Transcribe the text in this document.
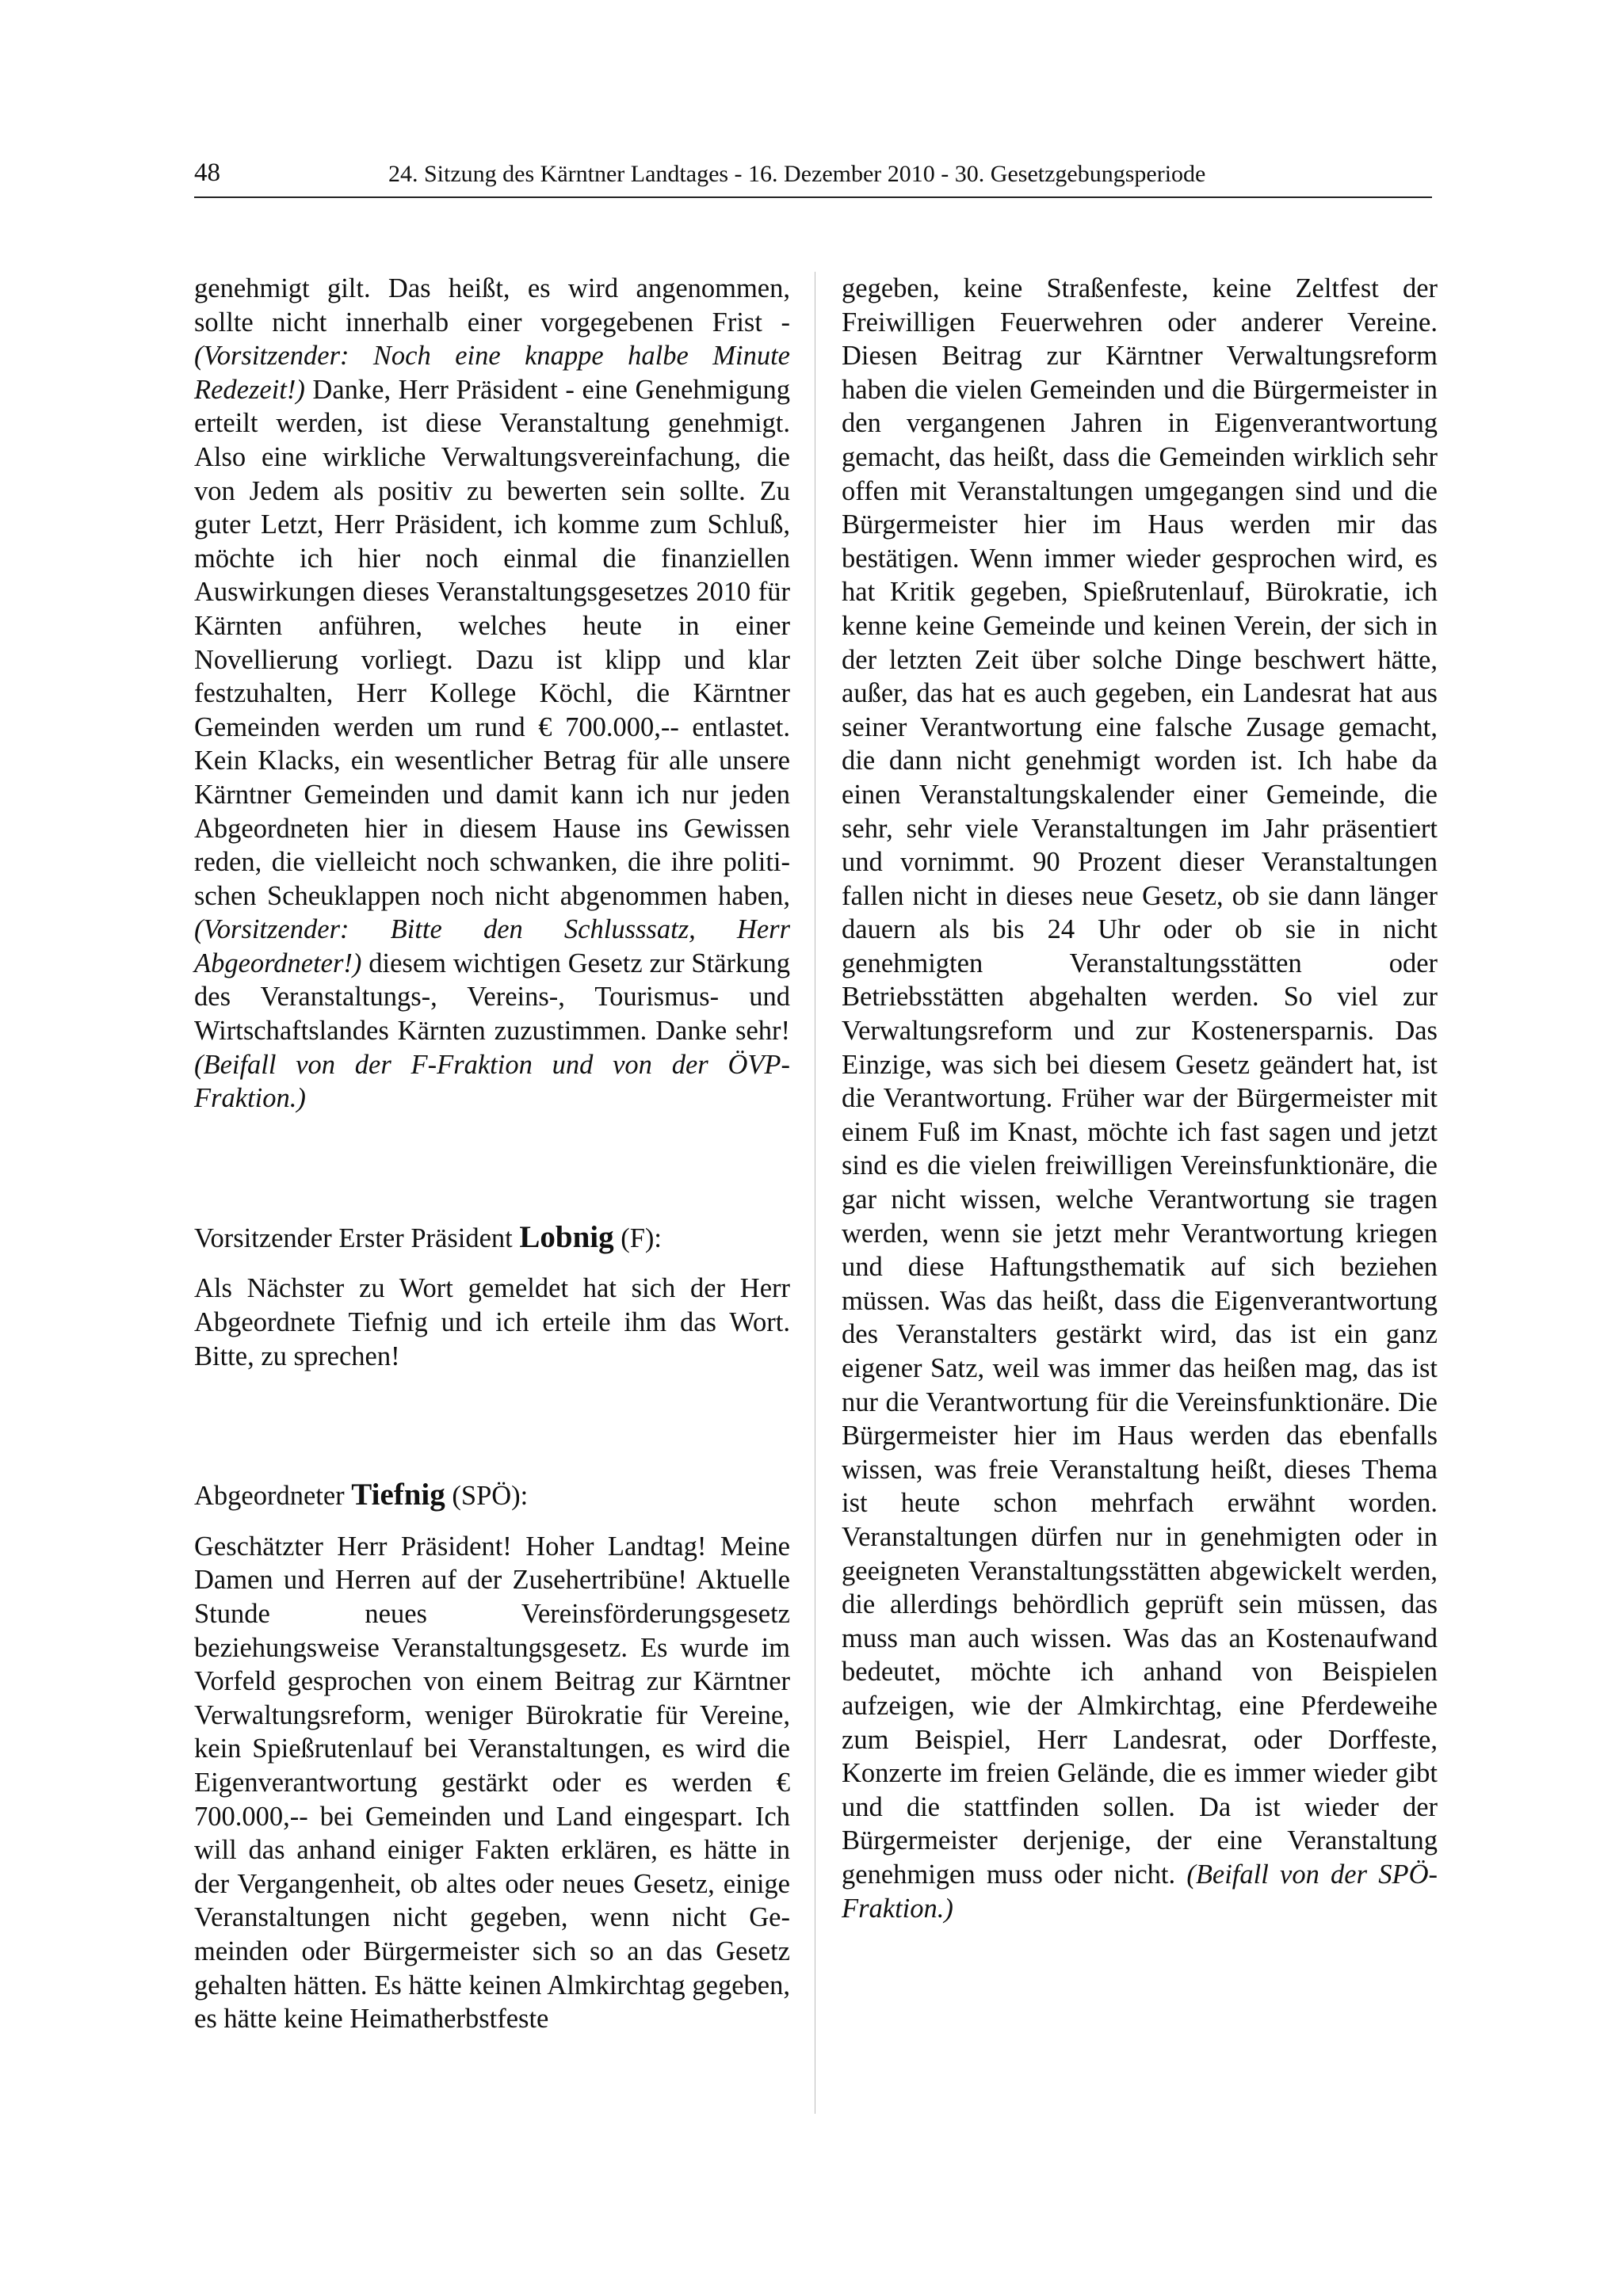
48	24. Sitzung des Kärntner Landtages - 16. Dezember 2010 - 30. Gesetzgebungsperiode

genehmigt gilt. Das heißt, es wird angenommen, sollte nicht innerhalb einer vorgegebenen Frist - (Vorsitzender: Noch eine knappe halbe Minute Redezeit!) Danke, Herr Präsident - eine Genehmigung erteilt werden, ist diese Veranstaltung genehmigt. Also eine wirkliche Verwaltungsvereinfachung, die von Jedem als positiv zu bewerten sein sollte. Zu guter Letzt, Herr Präsident, ich komme zum Schluß, möchte ich hier noch einmal die finanziellen Auswirkungen dieses Veranstaltungsgesetzes 2010 für Kärnten anführen, welches heute in einer Novellierung vorliegt. Dazu ist klipp und klar festzuhalten, Herr Kollege Köchl, die Kärntner Gemeinden werden um rund € 700.000,-- entlastet. Kein Klacks, ein wesentlicher Betrag für alle unsere Kärntner Gemeinden und damit kann ich nur jeden Abgeordneten hier in diesem Hause ins Gewissen reden, die vielleicht noch schwanken, die ihre politischen Scheuklappen noch nicht abgenommen haben, (Vorsitzender: Bitte den Schlusssatz, Herr Abgeordneter!) diesem wichtigen Gesetz zur Stärkung des Veranstaltungs-, Vereins-, Tourismus- und Wirtschaftslandes Kärnten zuzustimmen. Danke sehr! (Beifall von der F-Fraktion und von der ÖVP-Fraktion.)

Vorsitzender Erster Präsident Lobnig (F):

Als Nächster zu Wort gemeldet hat sich der Herr Abgeordnete Tiefnig und ich erteile ihm das Wort. Bitte, zu sprechen!

Abgeordneter Tiefnig (SPÖ):

Geschätzter Herr Präsident! Hoher Landtag! Meine Damen und Herren auf der Zusehertribüne! Aktuelle Stunde neues Vereinsförderungsgesetz beziehungsweise Veranstaltungsgesetz. Es wurde im Vorfeld gesprochen von einem Beitrag zur Kärntner Verwaltungsreform, weniger Bürokratie für Vereine, kein Spießrutenlauf bei Veranstaltungen, es wird die Eigenverantwortung gestärkt oder es werden € 700.000,-- bei Gemeinden und Land eingespart. Ich will das anhand einiger Fakten erklären, es hätte in der Vergangenheit, ob altes oder neues Gesetz, einige Veranstaltungen nicht gegeben, wenn nicht Gemeinden oder Bürgermeister sich so an das Gesetz gehalten hätten. Es hätte keinen Almkirchtag gegeben, es hätte keine Heimatherbstfeste

gegeben, keine Straßenfeste, keine Zeltfest der Freiwilligen Feuerwehren oder anderer Vereine. Diesen Beitrag zur Kärntner Verwaltungsreform haben die vielen Gemeinden und die Bürgermeister in den vergangenen Jahren in Eigenverantwortung gemacht, das heißt, dass die Gemeinden wirklich sehr offen mit Veranstaltungen umgegangen sind und die Bürgermeister hier im Haus werden mir das bestätigen. Wenn immer wieder gesprochen wird, es hat Kritik gegeben, Spießrutenlauf, Bürokratie, ich kenne keine Gemeinde und keinen Verein, der sich in der letzten Zeit über solche Dinge beschwert hätte, außer, das hat es auch gegeben, ein Landesrat hat aus seiner Verantwortung eine falsche Zusage gemacht, die dann nicht genehmigt worden ist. Ich habe da einen Veranstaltungskalender einer Gemeinde, die sehr, sehr viele Veranstaltungen im Jahr präsentiert und vornimmt. 90 Prozent dieser Veranstaltungen fallen nicht in dieses neue Gesetz, ob sie dann länger dauern als bis 24 Uhr oder ob sie in nicht genehmigten Veranstaltungsstätten oder Betriebsstätten abgehalten werden. So viel zur Verwaltungsreform und zur Kostenersparnis. Das Einzige, was sich bei diesem Gesetz geändert hat, ist die Verantwortung. Früher war der Bürgermeister mit einem Fuß im Knast, möchte ich fast sagen und jetzt sind es die vielen freiwilligen Vereinsfunktionäre, die gar nicht wissen, welche Verantwortung sie tragen werden, wenn sie jetzt mehr Verantwortung kriegen und diese Haftungsthematik auf sich beziehen müssen. Was das heißt, dass die Eigenverantwortung des Veranstalters gestärkt wird, das ist ein ganz eigener Satz, weil was immer das heißen mag, das ist nur die Verantwortung für die Vereinsfunktionäre. Die Bürgermeister hier im Haus werden das ebenfalls wissen, was freie Veranstaltung heißt, dieses Thema ist heute schon mehrfach erwähnt worden. Veranstaltungen dürfen nur in genehmigten oder in geeigneten Veranstaltungsstätten abgewickelt werden, die allerdings behördlich geprüft sein müssen, das muss man auch wissen. Was das an Kostenaufwand bedeutet, möchte ich anhand von Beispielen aufzeigen, wie der Almkirchtag, eine Pferdeweihe zum Beispiel, Herr Landesrat, oder Dorffeste, Konzerte im freien Gelände, die es immer wieder gibt und die stattfinden sollen. Da ist wieder der Bürgermeister derjenige, der eine Veranstaltung genehmigen muss oder nicht. (Beifall von der SPÖ-Fraktion.)
